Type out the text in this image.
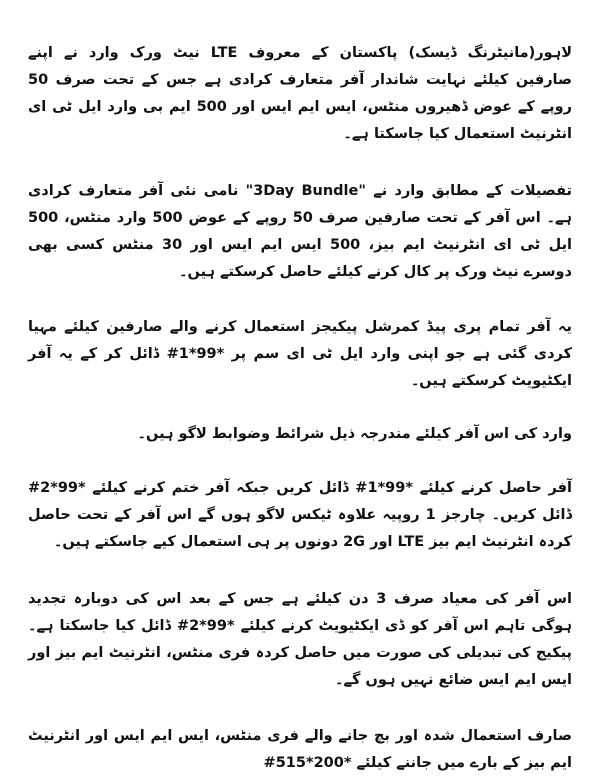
لاہور(مانیٹرنگ ڈیسک) پاکستان کے معروف LTE نیٹ ورک وارد نے اپنے صارفین کیلئے نہایت شاندار آفر متعارف کرادی ہے جس کے تحت صرف 50 روپے کے عوض ڈھیروں منٹس، ایس ایم ایس اور 500 ایم بی وارد ایل ٹی ای انٹرنیٹ استعمال کیا جاسکتا ہے۔

تفصیلات کے مطابق وارد نے "3Day Bundle" نامی نئی آفر متعارف کرادی ہے۔ اس آفر کے تحت صارفین صرف 50 روپے کے عوض 500 وارد منٹس، 500 ایل ٹی ای انٹرنیٹ ایم بیز، 500 ایس ایم ایس اور 30 منٹس کسی بھی دوسرے نیٹ ورک پر کال کرنے کیلئے حاصل کرسکتے ہیں۔

یہ آفر تمام پری پیڈ کمرشل پیکیجز استعمال کرنے والے صارفین کیلئے مہیا کردی گئی ہے جو اپنی وارد ایل ٹی ای سم پر *99*1# ڈائل کر کے یہ آفر ایکٹیویٹ کرسکتے ہیں۔

وارد کی اس آفر کیلئے مندرجہ ذیل شرائط وضوابط لاگو ہیں۔

آفر حاصل کرنے کیلئے *99*1# ڈائل کریں جبکہ آفر ختم کرنے کیلئے *99*2# ڈائل کریں۔ چارجز 1 روپیہ علاوہ ٹیکس لاگو ہوں گے اس آفر کے تحت حاصل کردہ انٹرنیٹ ایم بیز LTE اور 2G دونوں پر ہی استعمال کیے جاسکتے ہیں۔

اس آفر کی معیاد صرف 3 دن کیلئے ہے جس کے بعد اس کی دوبارہ تجدید ہوگی تاہم اس آفر کو ڈی ایکٹیویٹ کرنے کیلئے *99*2# ڈائل کیا جاسکتا ہے۔ پیکیج کی تبدیلی کی صورت میں حاصل کردہ فری منٹس، انٹرنیٹ ایم بیز اور ایس ایم ایس ضائع نہیں ہوں گے۔

صارف استعمال شدہ اور بچ جانے والے فری منٹس، ایس ایم ایس اور انٹرنیٹ ایم بیز کے بارے میں جاننے کیلئے *200*515#
